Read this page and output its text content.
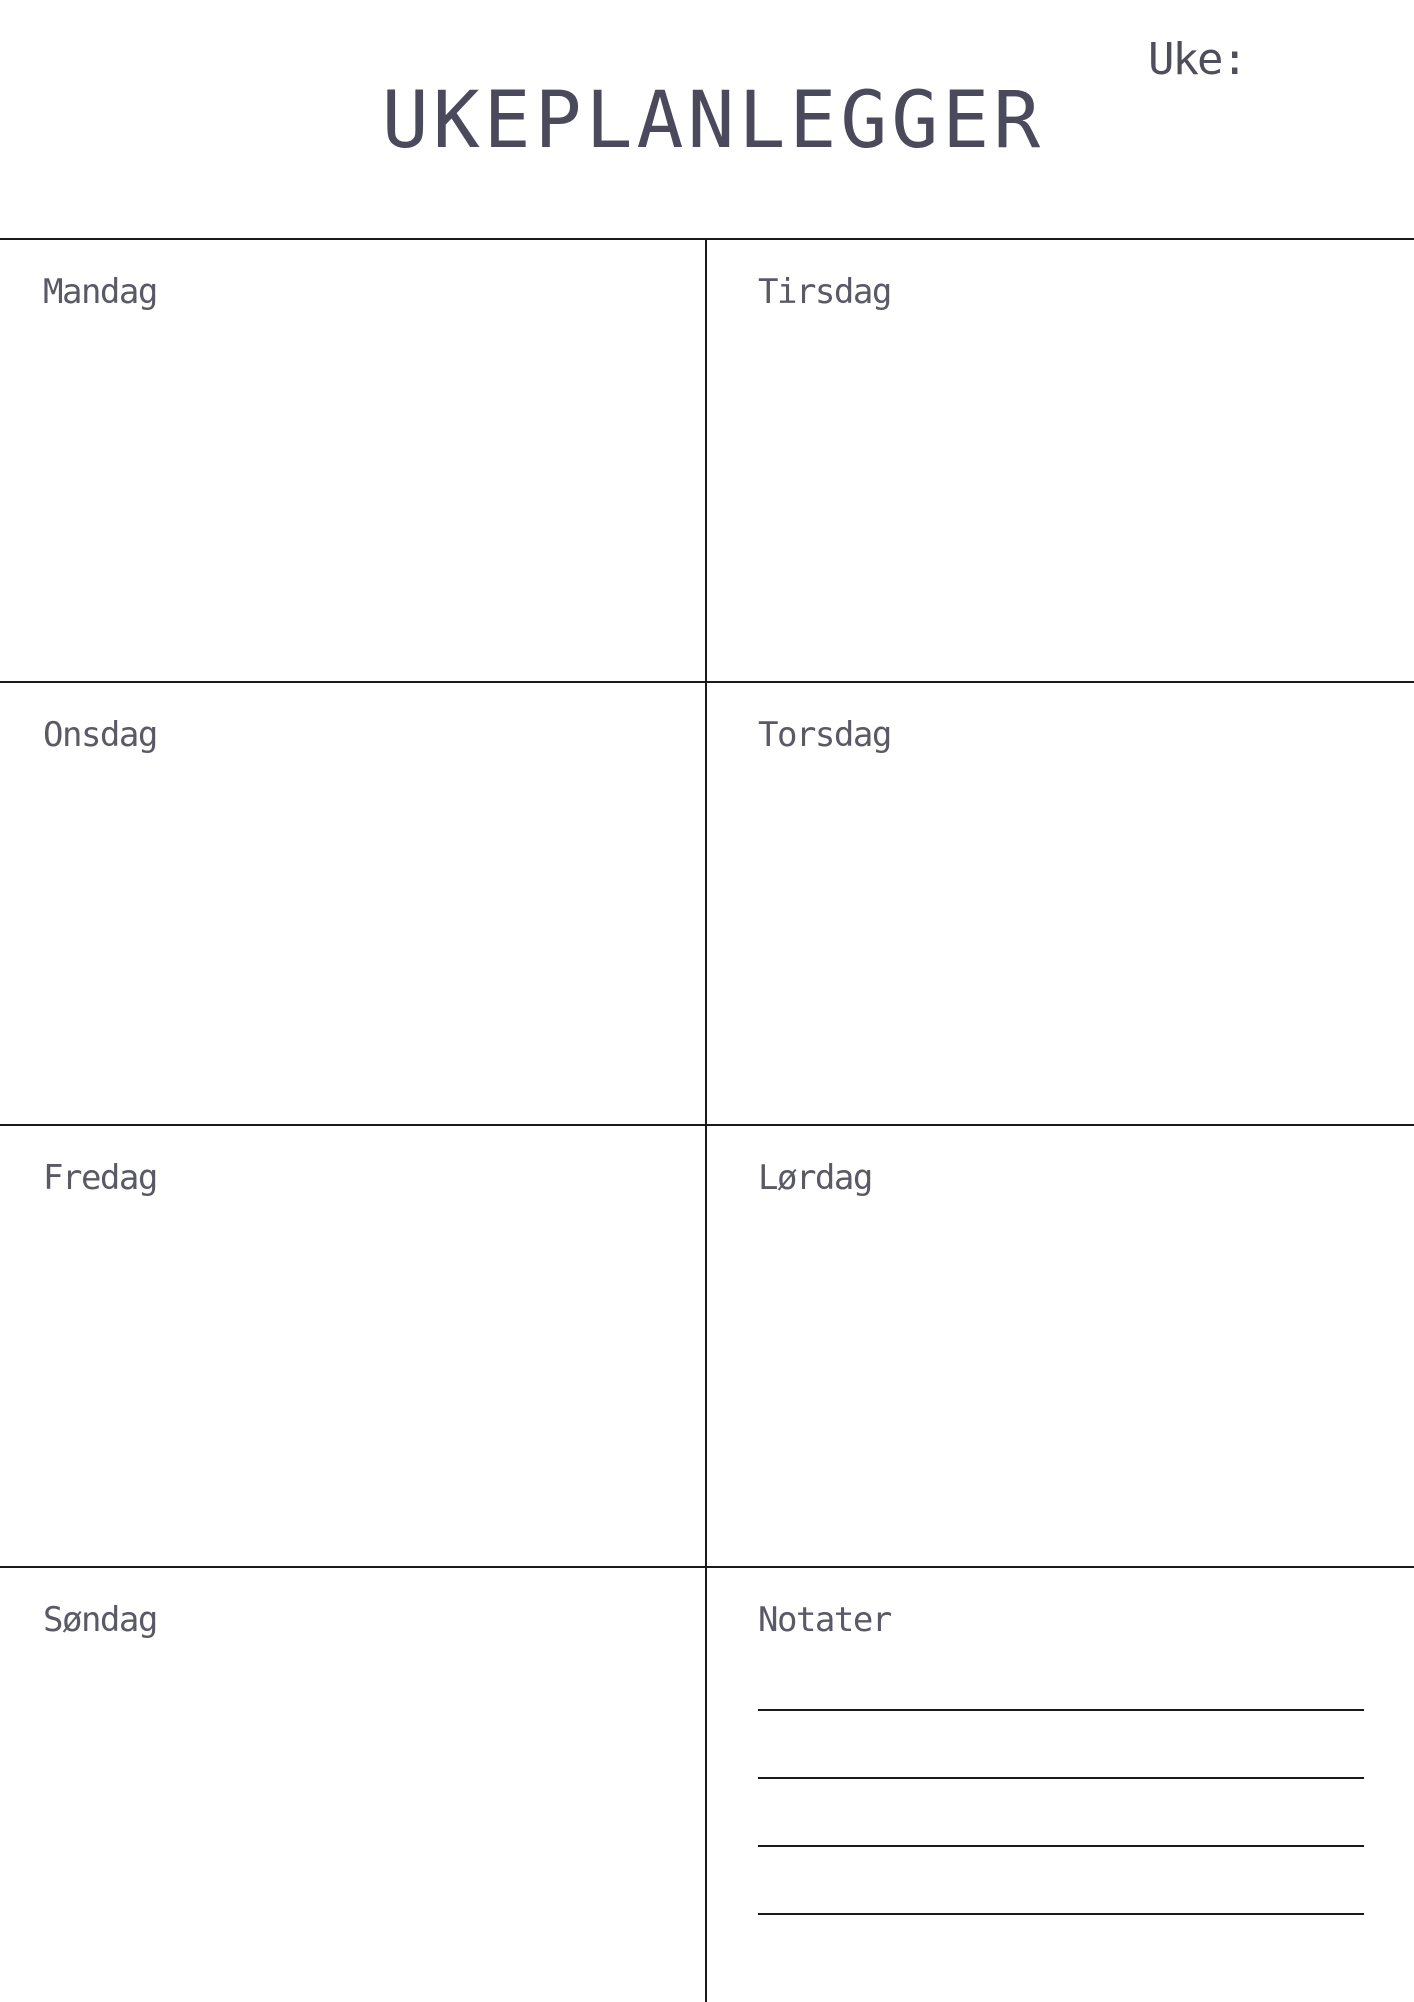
Uke:
UKEPLANLEGGER
Mandag	Tirsdag
Onsdag	Torsdag
Fredag	Lørdag
Søndag	Notater
